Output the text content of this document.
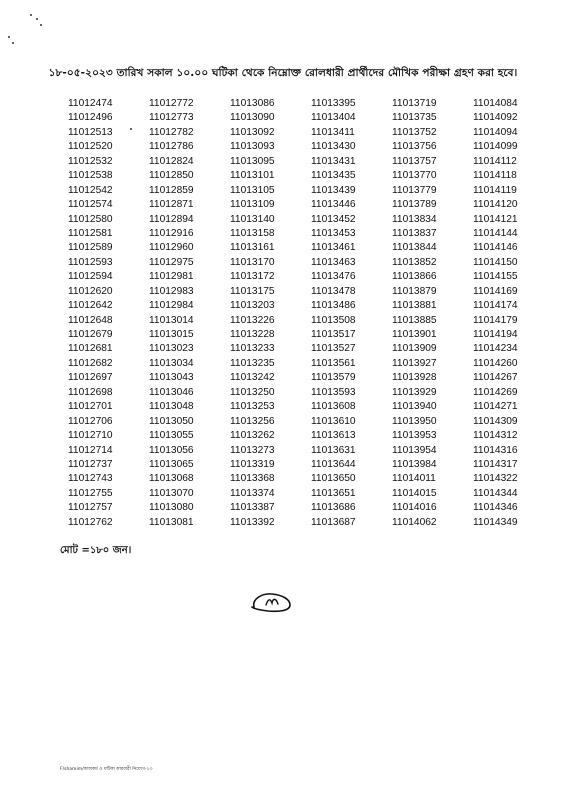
১৮-০৫-২০২৩ তারিখ সকাল ১০.০০ ঘটিকা থেকে নিম্নোক্ত রোলধারী প্রার্থীদের মৌখিক পরীক্ষা গ্রহণ করা হবে।
11012474
11012496
11012513
11012520
11012532
11012538
11012542
11012574
11012580
11012581
11012589
11012593
11012594
11012620
11012642
11012648
11012679
11012681
11012682
11012697
11012698
11012701
11012706
11012710
11012714
11012737
11012743
11012755
11012757
11012762
11012772
11012773
11012782
11012786
11012824
11012850
11012859
11012871
11012894
11012916
11012960
11012975
11012981
11012983
11012984
11013014
11013015
11013023
11013034
11013043
11013046
11013048
11013050
11013055
11013056
11013065
11013068
11013070
11013080
11013081
11013086
11013090
11013092
11013093
11013095
11013101
11013105
11013109
11013140
11013158
11013161
11013170
11013172
11013175
11013203
11013226
11013228
11013233
11013235
11013242
11013250
11013253
11013256
11013262
11013273
11013319
11013368
11013374
11013387
11013392
11013395
11013404
11013411
11013430
11013431
11013435
11013439
11013446
11013452
11013453
11013461
11013463
11013476
11013478
11013486
11013508
11013517
11013527
11013561
11013579
11013593
11013608
11013610
11013613
11013631
11013644
11013650
11013651
11013686
11013687
11013719
11013735
11013752
11013756
11013757
11013770
11013779
11013789
11013834
11013837
11013844
11013852
11013866
11013879
11013881
11013885
11013901
11013909
11013927
11013928
11013929
11013940
11013950
11013953
11013954
11013984
11014011
11014015
11014016
11014062
11014084
11014092
11014094
11014099
11014112
11014118
11014119
11014120
11014121
11014144
11014146
11014150
11014155
11014169
11014174
11014179
11014194
11014234
11014260
11014267
11014269
11014271
11014309
11014312
11014316
11014317
11014322
11014344
11014346
11014349
মোট =১৮০ জন।
F/shamim/কাজকর্ম ও ঘটিকা কারবারী নিয়োগ-২৩
